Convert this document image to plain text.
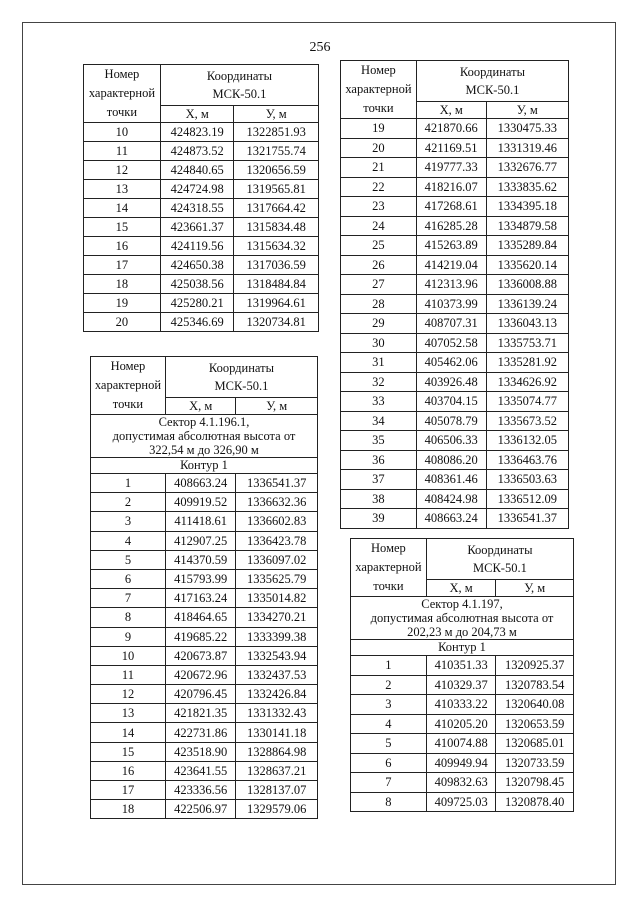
256
Номер
характерной
точки	Координаты
МСК-50.1	
	Х, м	У, м
10	424823.19	1322851.93
11	424873.52	1321755.74
12	424840.65	1320656.59
13	424724.98	1319565.81
14	424318.55	1317664.42
15	423661.37	1315834.48
16	424119.56	1315634.32
17	424650.38	1317036.59
18	425038.56	1318484.84
19	425280.21	1319964.61
20	425346.69	1320734.81
Номер
характерной
точки	Координаты
МСК-50.1	
	Х, м	У, м
Сектор 4.1.196.1,
допустимая абсолютная высота от
322,54 м до 326,90 м		
Контур 1		
1	408663.24	1336541.37
2	409919.52	1336632.36
3	411418.61	1336602.83
4	412907.25	1336423.78
5	414370.59	1336097.02
6	415793.99	1335625.79
7	417163.24	1335014.82
8	418464.65	1334270.21
9	419685.22	1333399.38
10	420673.87	1332543.94
11	420672.96	1332437.53
12	420796.45	1332426.84
13	421821.35	1331332.43
14	422731.86	1330141.18
15	423518.90	1328864.98
16	423641.55	1328637.21
17	423336.56	1328137.07
18	422506.97	1329579.06
Номер
характерной
точки	Координаты
МСК-50.1	
	Х, м	У, м
19	421870.66	1330475.33
20	421169.51	1331319.46
21	419777.33	1332676.77
22	418216.07	1333835.62
23	417268.61	1334395.18
24	416285.28	1334879.58
25	415263.89	1335289.84
26	414219.04	1335620.14
27	412313.96	1336008.88
28	410373.99	1336139.24
29	408707.31	1336043.13
30	407052.58	1335753.71
31	405462.06	1335281.92
32	403926.48	1334626.92
33	403704.15	1335074.77
34	405078.79	1335673.52
35	406506.33	1336132.05
36	408086.20	1336463.76
37	408361.46	1336503.63
38	408424.98	1336512.09
39	408663.24	1336541.37
Номер
характерной
точки	Координаты
МСК-50.1	
	Х, м	У, м
Сектор 4.1.197,
допустимая абсолютная высота от
202,23 м до 204,73 м		
Контур 1		
1	410351.33	1320925.37
2	410329.37	1320783.54
3	410333.22	1320640.08
4	410205.20	1320653.59
5	410074.88	1320685.01
6	409949.94	1320733.59
7	409832.63	1320798.45
8	409725.03	1320878.40
